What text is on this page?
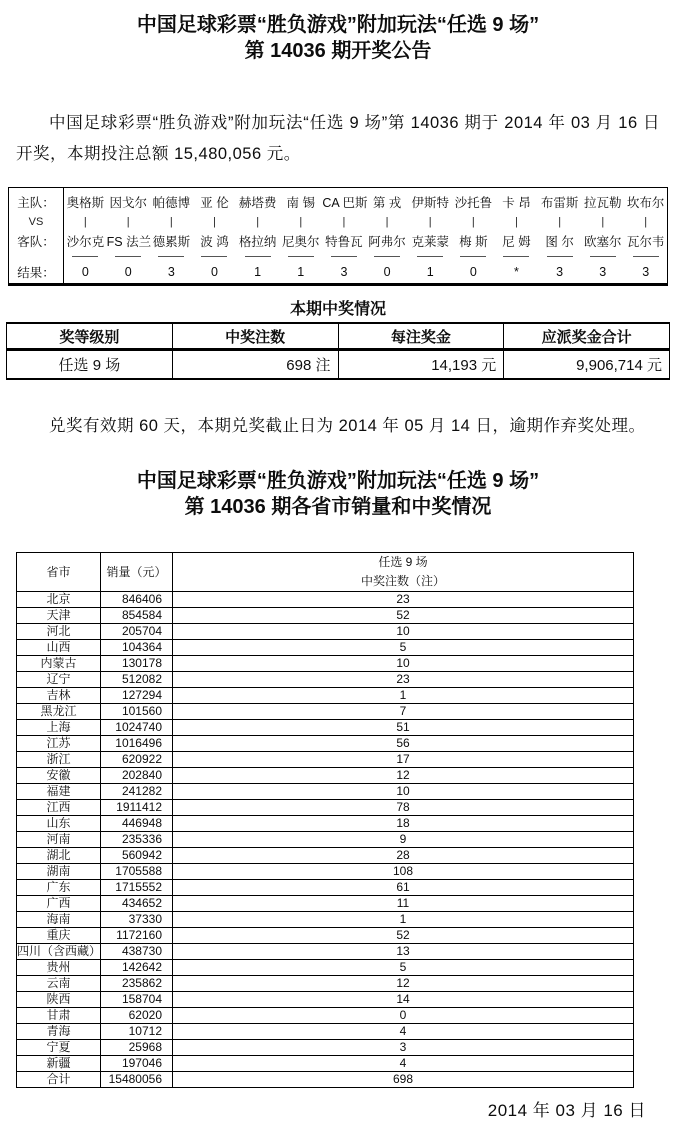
中国足球彩票“胜负游戏”附加玩法“任选 9 场”
第 14036 期开奖公告

中国足球彩票“胜负游戏”附加玩法“任选 9 场”第 14036 期于 2014 年 03 月 16 日开奖，本期投注总额 15,480,056 元。

主队：	奥格斯	因戈尔	帕德博	亚 伦	赫塔费	南 锡	CA 巴斯	第 戎	伊斯特	沙托鲁	卡 昂	布雷斯	拉瓦勒	坎布尔
VS	|	|	|	|	|	|	|	|	|	|	|	|	|	|
客队：	沙尔克	FS 法兰	德累斯	波 鸿	格拉纳	尼奥尔	特鲁瓦	阿弗尔	克莱蒙	梅 斯	尼 姆	图 尔	欧塞尔	瓦尔韦

结果：	0	0	3	0	1	1	3	0	1	0	*	3	3	3
本期中奖情况
奖等级别	中奖注数	每注奖金	应派奖金合计
任选 9 场	698 注	14,193 元	9,906,714 元

兑奖有效期 60 天，本期兑奖截止日为 2014 年 05 月 14 日，逾期作弃奖处理。

中国足球彩票“胜负游戏”附加玩法“任选 9 场”
第 14036 期各省市销量和中奖情况
省市	销量（元）	任选 9 场
中奖注数（注）

北京	846406	23
天津	854584	52
河北	205704	10
山西	104364	5
内蒙古	130178	10
辽宁	512082	23
吉林	127294	1
黑龙江	101560	7
上海	1024740	51
江苏	1016496	56
浙江	620922	17
安徽	202840	12
福建	241282	10
江西	1911412	78
山东	446948	18
河南	235336	9
湖北	560942	28
湖南	1705588	108
广东	1715552	61
广西	434652	11
海南	37330	1
重庆	1172160	52
四川（含西藏）	438730	13
贵州	142642	5
云南	235862	12
陕西	158704	14
甘肃	62020	0
青海	10712	4
宁夏	25968	3
新疆	197046	4
合计	15480056	698
2014 年 03 月 16 日
